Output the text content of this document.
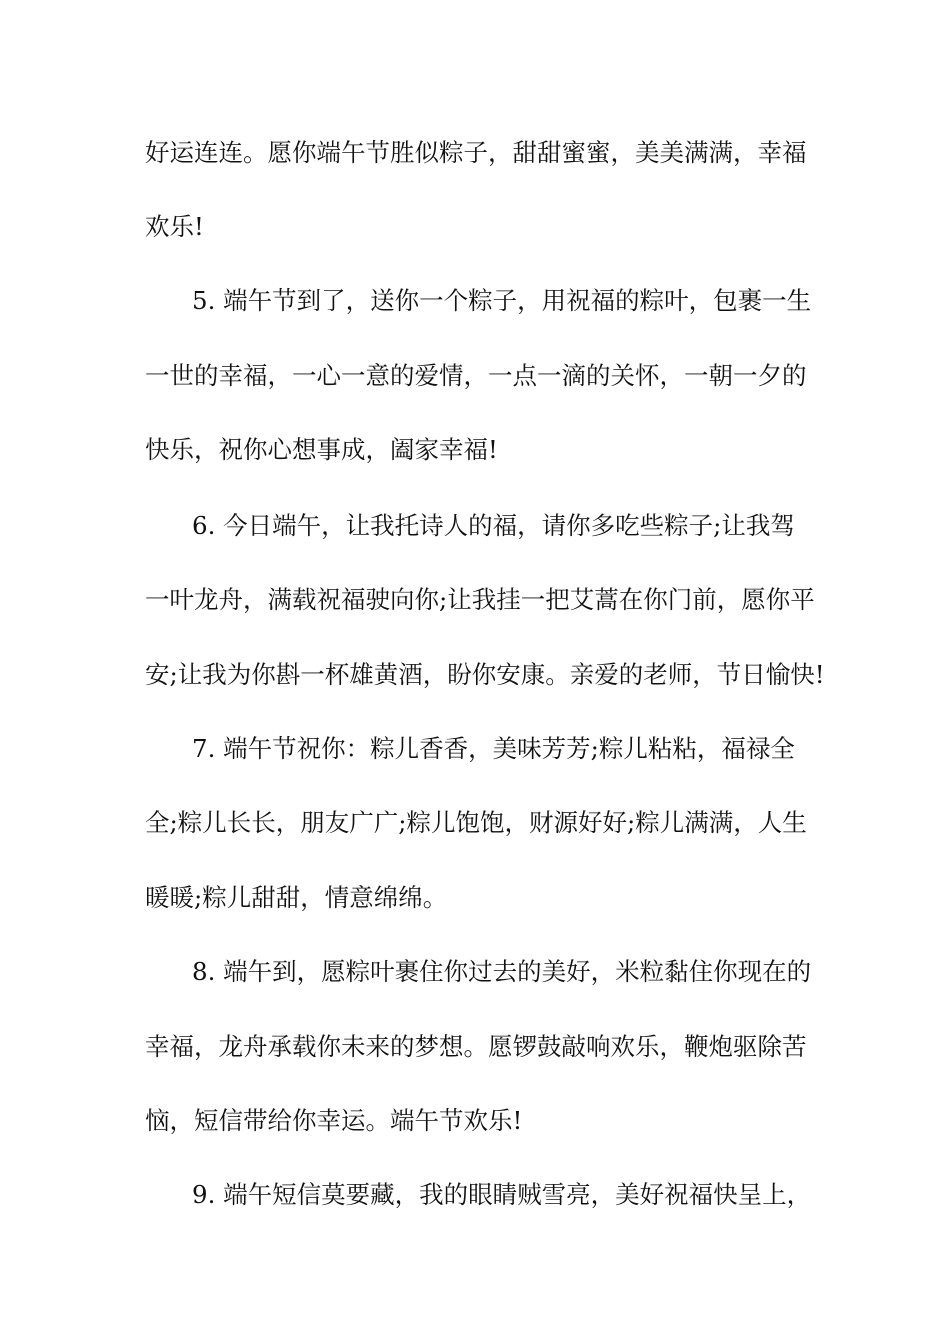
好运连连。愿你端午节胜似粽子，甜甜蜜蜜，美美满满，幸福
欢乐!
5. 端午节到了，送你一个粽子，用祝福的粽叶，包裹一生
一世的幸福，一心一意的爱情，一点一滴的关怀，一朝一夕的
快乐，祝你心想事成，阖家幸福!
6. 今日端午，让我托诗人的福，请你多吃些粽子;让我驾
一叶龙舟，满载祝福驶向你;让我挂一把艾蒿在你门前，愿你平
安;让我为你斟一杯雄黄酒，盼你安康。亲爱的老师，节日愉快!
7. 端午节祝你：粽儿香香，美味芳芳;粽儿粘粘，福禄全
全;粽儿长长，朋友广广;粽儿饱饱，财源好好;粽儿满满，人生
暖暖;粽儿甜甜，情意绵绵。
8. 端午到，愿粽叶裹住你过去的美好，米粒黏住你现在的
幸福，龙舟承载你未来的梦想。愿锣鼓敲响欢乐，鞭炮驱除苦
恼，短信带给你幸运。端午节欢乐!
9. 端午短信莫要藏，我的眼睛贼雪亮，美好祝福快呈上，
